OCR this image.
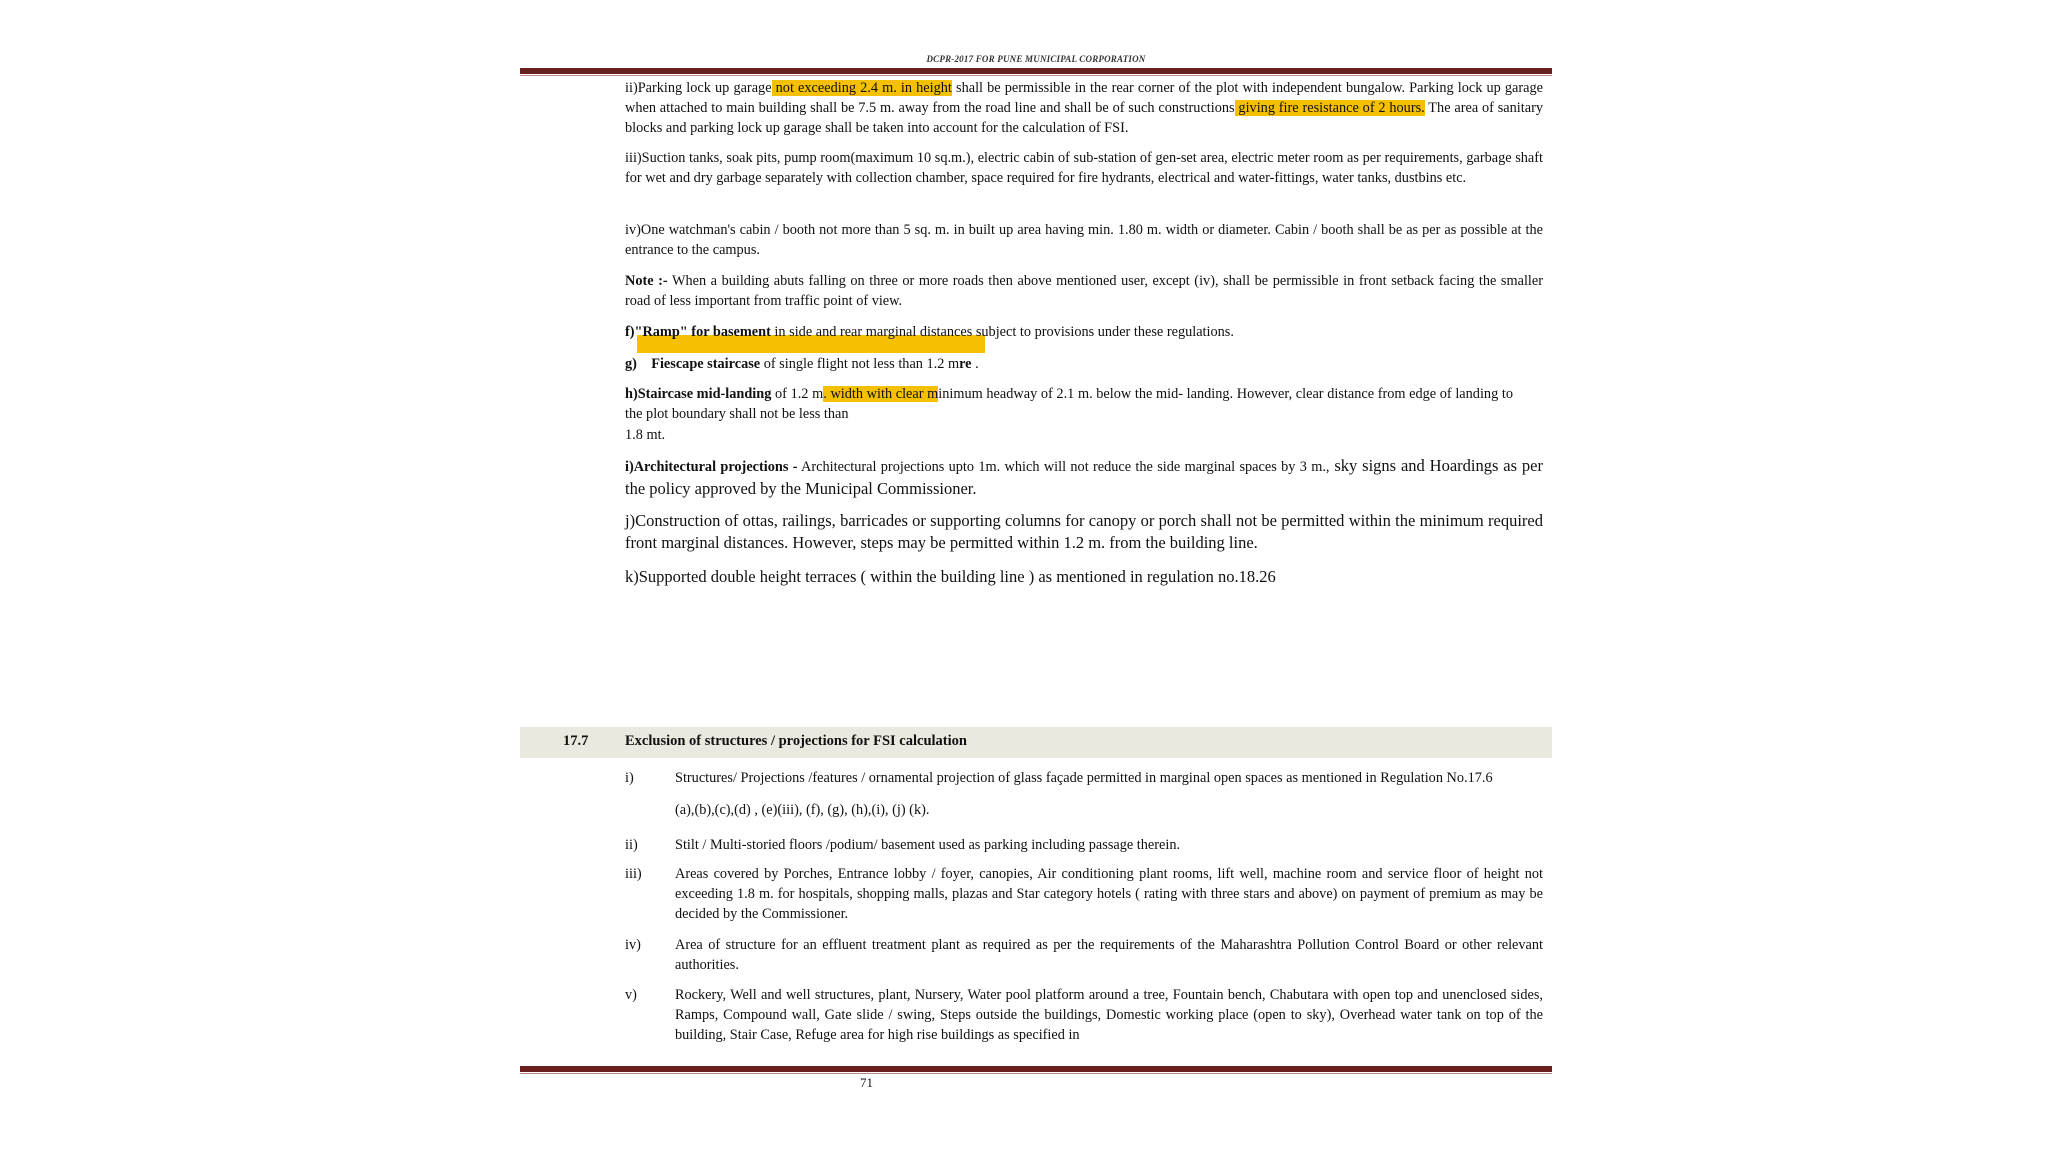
DCPR-2017 FOR PUNE MUNICIPAL CORPORATION
ii)Parking lock up garage not exceeding 2.4 m. in height shall be permissible in the rear corner of the plot with independent bungalow. Parking lock up garage when attached to main building shall be 7.5 m. away from the road line and shall be of such constructions giving fire resistance of 2 hours. The area of sanitary blocks and parking lock up garage shall be taken into account for the calculation of FSI.
iii)Suction tanks, soak pits, pump room(maximum 10 sq.m.), electric cabin of sub-station of gen-set area, electric meter room as per requirements, garbage shaft for wet and dry garbage separately with collection chamber, space required for fire hydrants, electrical and water-fittings, water tanks, dustbins etc.
iv)One watchman's cabin / booth not more than 5 sq. m. in built up area having min. 1.80 m. width or diameter. Cabin / booth shall be as per as possible at the entrance to the campus.
Note :- When a building abuts falling on three or more roads then above mentioned user, except (iv), shall be permissible in front setback facing the smaller road of less important from traffic point of view.
f)"Ramp" for basement in side and rear marginal distances subject to provisions under these regulations.
g)    Fiescape staircase of single flight not less than 1.2 mre .
h)Staircase mid-landing of 1.2 m. width with clear minimum headway of 2.1 m. below the mid- landing. However, clear distance from edge of landing to the plot boundary shall not be less than
1.8 mt.
i)Architectural projections - Architectural projections upto 1m. which will not reduce the side marginal spaces by 3 m., sky signs and Hoardings as per the policy approved by the Municipal Commissioner.
j)Construction of ottas, railings, barricades or supporting columns for canopy or porch shall not be permitted within the minimum required front marginal distances. However, steps may be permitted within 1.2 m. from the building line.
k)Supported double height terraces ( within the building line ) as mentioned in regulation no.18.26
17.7	Exclusion of structures / projections for FSI calculation
i)	Structures/ Projections /features / ornamental projection of glass façade permitted in marginal open spaces as mentioned in Regulation No.17.6
(a),(b),(c),(d) , (e)(iii), (f), (g), (h),(i), (j) (k).
ii)	Stilt / Multi-storied floors /podium/ basement used as parking including passage therein.
iii) Areas covered by Porches, Entrance lobby / foyer, canopies, Air conditioning plant rooms, lift well, machine room and service floor of height not exceeding 1.8 m. for hospitals, shopping malls, plazas and Star category hotels ( rating with three stars and above) on payment of premium as may be decided by the Commissioner.
iv) Area of structure for an effluent treatment plant as required as per the requirements of the Maharashtra Pollution Control Board or other relevant authorities.
v)	Rockery, Well and well structures, plant, Nursery, Water pool platform around a tree, Fountain bench, Chabutara with open top and unenclosed sides, Ramps, Compound wall, Gate slide / swing, Steps outside the buildings, Domestic working place (open to sky), Overhead water tank on top of the building, Stair Case, Refuge area for high rise buildings as specified in
71
